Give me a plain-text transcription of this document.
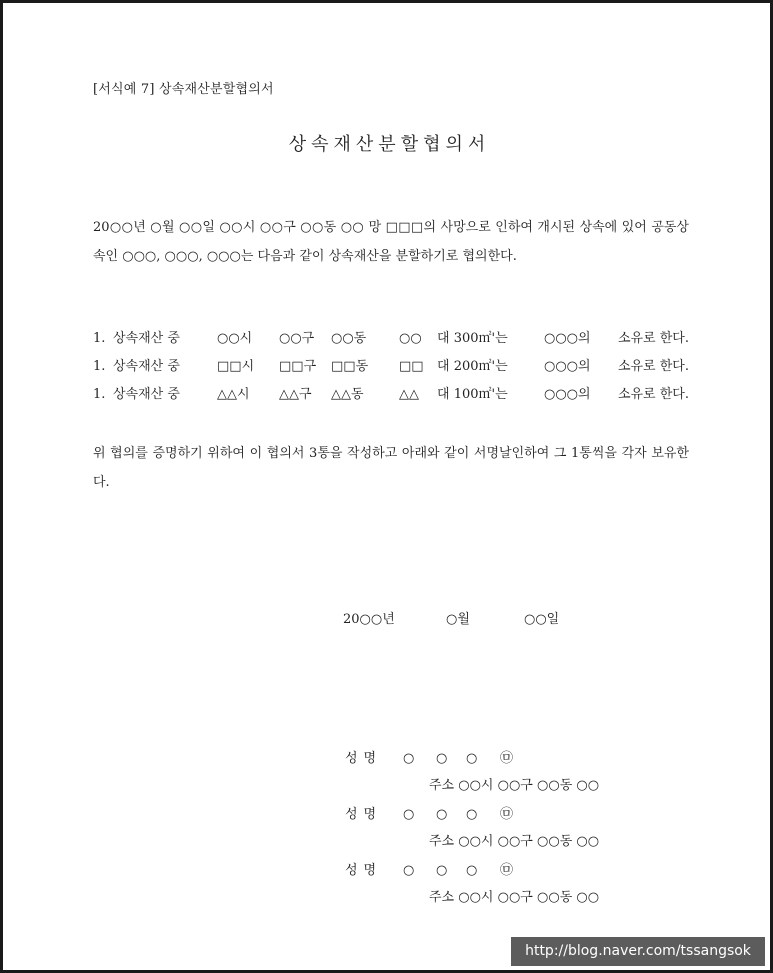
[서식예 7] 상속재산분할협의서
상속재산분할협의서
20○○년 ○월 ○○일 ○○시 ○○구 ○○동 ○○ 망 □□□의 사망으로 인하여 개시된 상속에 있어 공동상속인 ○○○, ○○○, ○○○는 다음과 같이 상속재산을 분할하기로 협의한다.
1. 상속재산 중	○○시 ○○구 ○○동	○○ 대 300㎡'는	○○○의 소유로 한다.
1. 상속재산 중	□□시 □□구 □□동 □□ 대 200㎡'는	○○○의 소유로 한다.
1. 상속재산 중	△△시 △△구 △△동	△△ 대 100㎡'는	○○○의 소유로 한다.
위 협의를 증명하기 위하여 이 협의서 3통을 작성하고 아래와 같이 서명날인하여 그 1통씩을 각자 보유한다.
20○○년	○월	○○일
성명 ○ ○ ○ ㉤
주소 ○○시 ○○구 ○○동 ○○
성명 ○ ○ ○ ㉤
주소 ○○시 ○○구 ○○동 ○○
성명 ○ ○ ○ ㉤
주소 ○○시 ○○구 ○○동 ○○
http://blog.naver.com/tssangsok
